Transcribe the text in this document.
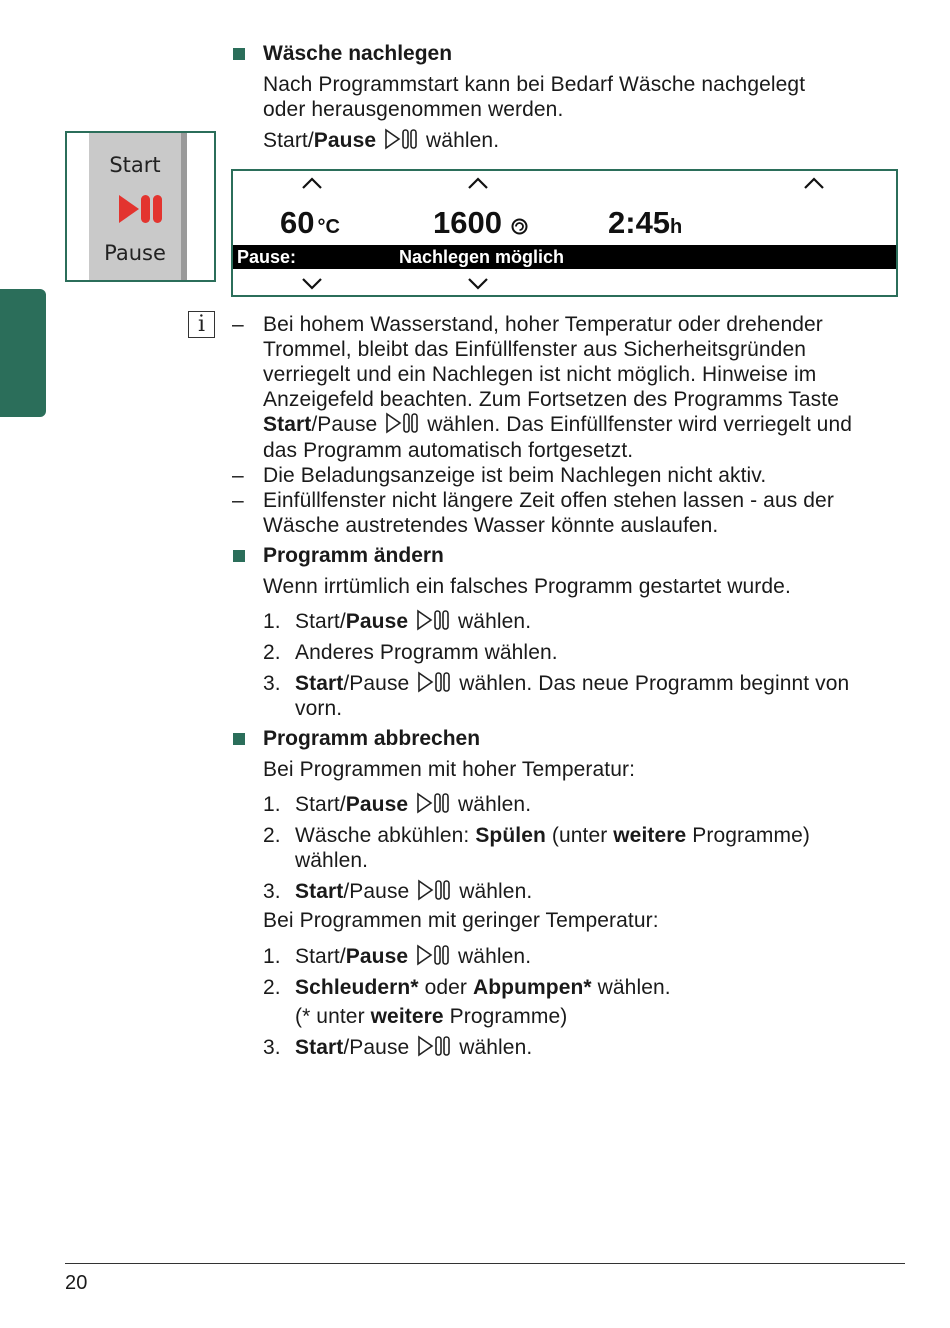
Wäsche nachlegen
Nach Programmstart kann bei Bedarf Wäsche nachgelegt
oder herausgenommen werden.
Start/Pause wählen.
Start
Pause
60 °C	1600	2:45h
Pause:	Nachlegen möglich
i	– Bei hohem Wasserstand, hoher Temperatur oder drehender
Trommel, bleibt das Einfüllfenster aus Sicherheitsgründen
verriegelt und ein Nachlegen ist nicht möglich. Hinweise im
Anzeigefeld beachten. Zum Fortsetzen des Programms Taste
Start/Pause wählen. Das Einfüllfenster wird verriegelt und
das Programm automatisch fortgesetzt.
– Die Beladungsanzeige ist beim Nachlegen nicht aktiv.
– Einfüllfenster nicht längere Zeit offen stehen lassen - aus der
Wäsche austretendes Wasser könnte auslaufen.
Programm ändern
Wenn irrtümlich ein falsches Programm gestartet wurde.
1. Start/Pause wählen.
2. Anderes Programm wählen.
3. Start/Pause wählen. Das neue Programm beginnt von
vorn.
Programm abbrechen
Bei Programmen mit hoher Temperatur:
1. Start/Pause wählen.
2. Wäsche abkühlen: Spülen (unter weitere Programme)
wählen.
3. Start/Pause wählen.
Bei Programmen mit geringer Temperatur:
1. Start/Pause wählen.
2. Schleudern* oder Abpumpen* wählen.
(* unter weitere Programme)
3. Start/Pause wählen.
20
